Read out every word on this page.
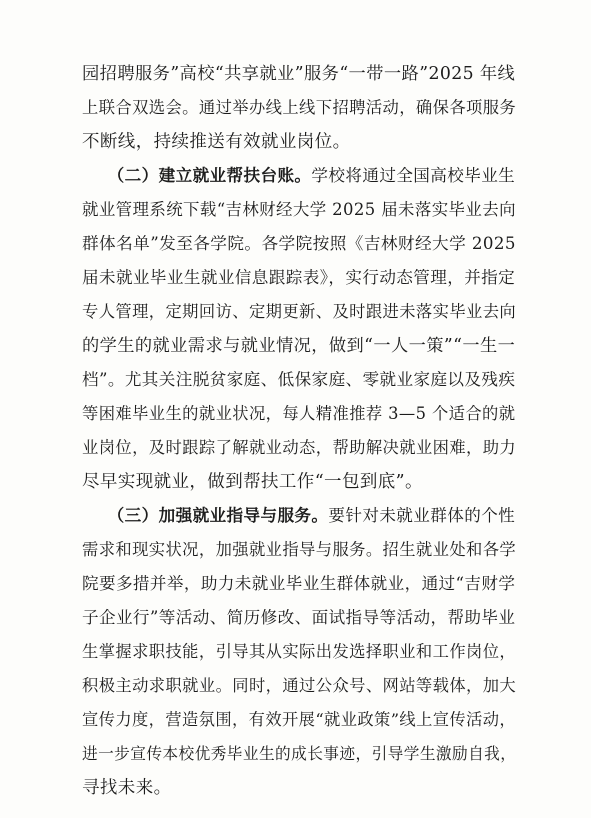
园招聘服务”高校“共享就业”服务“一带一路”2025 年线
上联合双选会。通过举办线上线下招聘活动，确保各项服务
不断线，持续推送有效就业岗位。
  （二）建立就业帮扶台账。学校将通过全国高校毕业生
就业管理系统下载“吉林财经大学 2025 届未落实毕业去向
群体名单”发至各学院。各学院按照《吉林财经大学 2025
届未就业毕业生就业信息跟踪表》，实行动态管理，并指定
专人管理，定期回访、定期更新、及时跟进未落实毕业去向
的学生的就业需求与就业情况，做到“一人一策”“一生一
档”。尤其关注脱贫家庭、低保家庭、零就业家庭以及残疾
等困难毕业生的就业状况，每人精准推荐 3—5 个适合的就
业岗位，及时跟踪了解就业动态，帮助解决就业困难，助力
尽早实现就业，做到帮扶工作“一包到底”。
  （三）加强就业指导与服务。要针对未就业群体的个性
需求和现实状况，加强就业指导与服务。招生就业处和各学
院要多措并举，助力未就业毕业生群体就业，通过“吉财学
子企业行”等活动、简历修改、面试指导等活动，帮助毕业
生掌握求职技能，引导其从实际出发选择职业和工作岗位，
积极主动求职就业。同时，通过公众号、网站等载体，加大
宣传力度，营造氛围，有效开展“就业政策”线上宣传活动，
进一步宣传本校优秀毕业生的成长事迹，引导学生激励自我，
寻找未来。
